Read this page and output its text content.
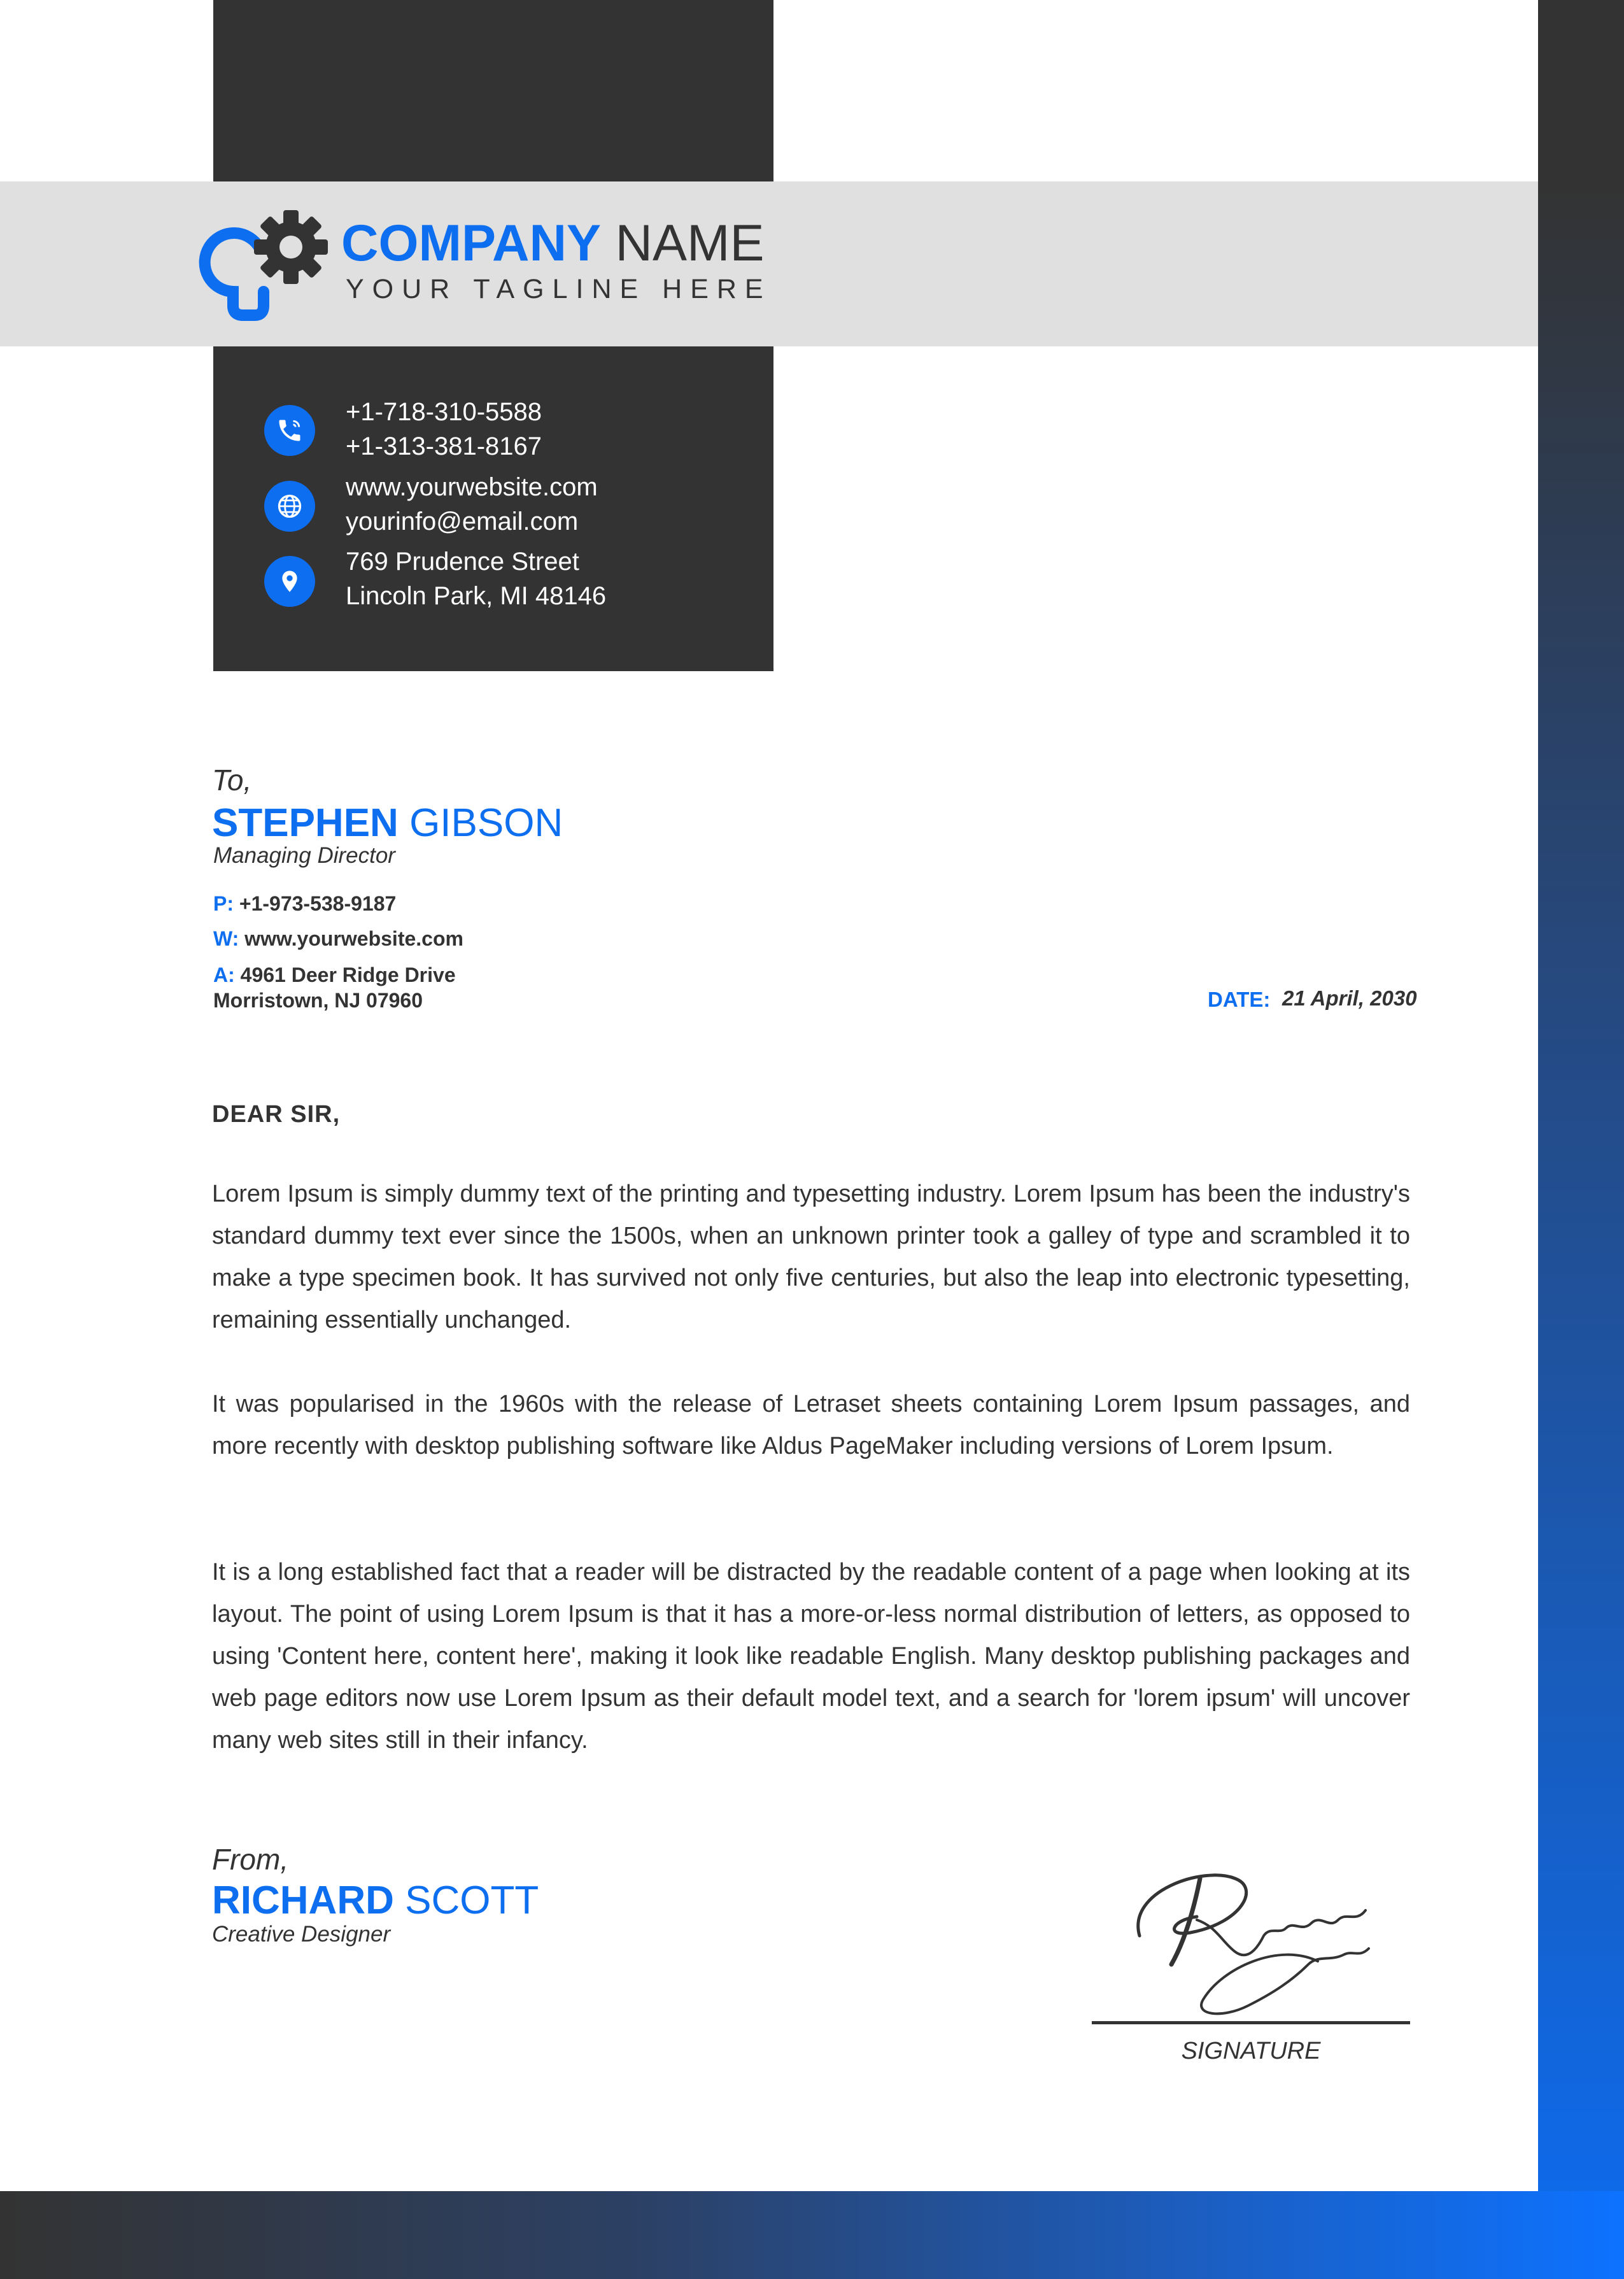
COMPANY NAME
YOUR TAGLINE HERE
+1-718-310-5588
+1-313-381-8167
www.yourwebsite.com
yourinfo@email.com
769 Prudence Street
Lincoln Park, MI 48146
To,
STEPHEN GIBSON
Managing Director
P: +1-973-538-9187
W: www.yourwebsite.com
A: 4961 Deer Ridge Drive
Morristown, NJ 07960	DATE: 21 April, 2030
DEAR SIR,

Lorem Ipsum is simply dummy text of the printing and typesetting industry. Lorem Ipsum has been the industry's standard dummy text ever since the 1500s, when an unknown printer took a galley of type and scrambled it to make a type specimen book. It has survived not only five centuries, but also the leap into electronic typesetting, remaining essentially unchanged.

It was popularised in the 1960s with the release of Letraset sheets containing Lorem Ipsum passages, and more recently with desktop publishing software like Aldus PageMaker including versions of Lorem Ipsum.

It is a long established fact that a reader will be distracted by the readable content of a page when looking at its layout. The point of using Lorem Ipsum is that it has a more-or-less normal distribution of letters, as opposed to using 'Content here, content here', making it look like readable English. Many desktop publishing packages and web page editors now use Lorem Ipsum as their default model text, and a search for 'lorem ipsum' will uncover many web sites still in their infancy.

From,
RICHARD SCOTT
Creative Designer
Richard Scott
SIGNATURE
